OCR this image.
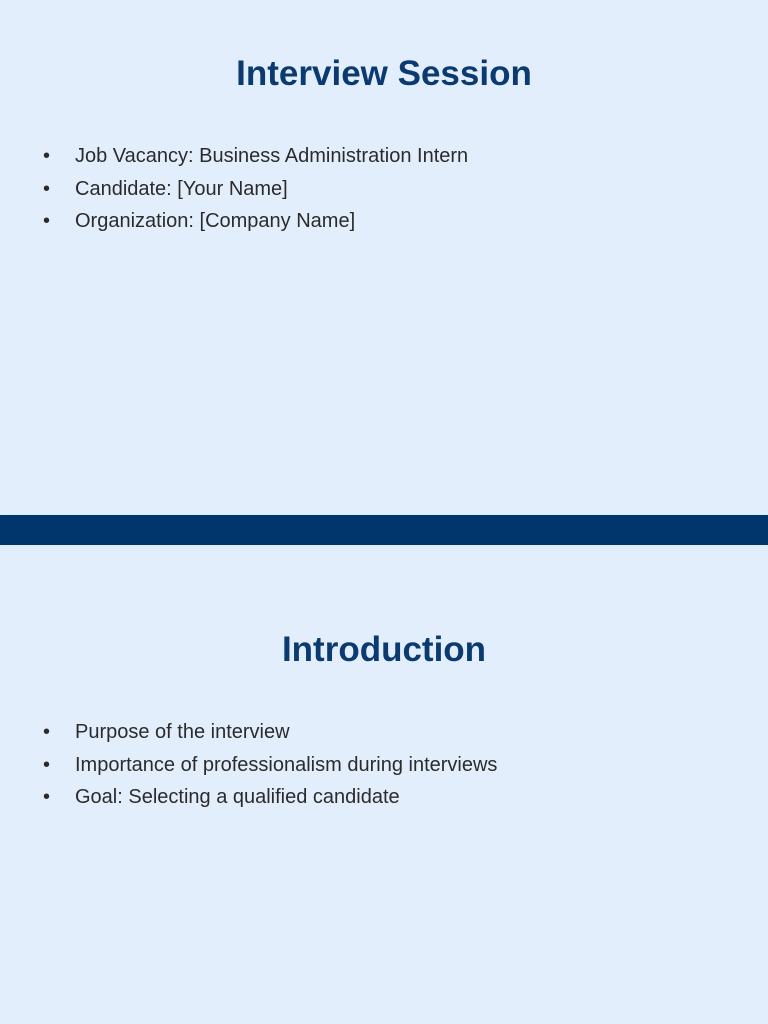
Interview Session
• Job Vacancy: Business Administration Intern
• Candidate: [Your Name]
• Organization: [Company Name]
Introduction
• Purpose of the interview
• Importance of professionalism during interviews
• Goal: Selecting a qualified candidate
